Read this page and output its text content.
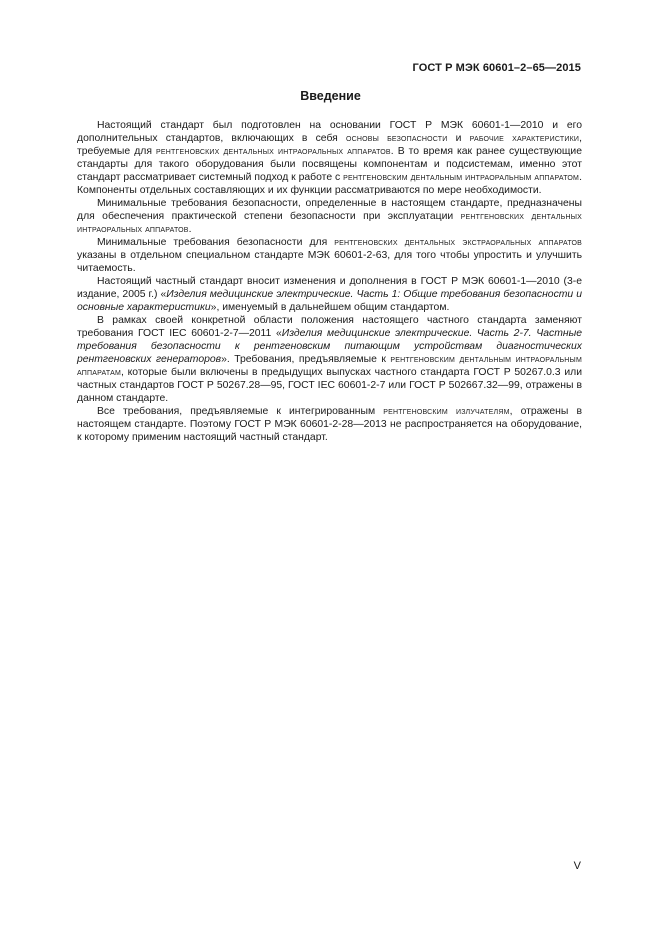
ГОСТ Р МЭК 60601–2–65—2015
Введение

Настоящий стандарт был подготовлен на основании ГОСТ Р МЭК 60601-1—2010 и его дополнительных стандартов, включающих в себя основы безопасности и рабочие характеристики, требуемые для рентгеновских дентальных интраоральных аппаратов. В то время как ранее существующие стандарты для такого оборудования были посвящены компонентам и подсистемам, именно этот стандарт рассматривает системный подход к работе с рентгеновским дентальным интраоральным аппаратом. Компоненты отдельных составляющих и их функции рассматриваются по мере необходимости.

Минимальные требования безопасности, определенные в настоящем стандарте, предназначены для обеспечения практической степени безопасности при эксплуатации рентгеновских дентальных интраоральных аппаратов.

Минимальные требования безопасности для рентгеновских дентальных экстраоральных аппаратов указаны в отдельном специальном стандарте МЭК 60601-2-63, для того чтобы упростить и улучшить читаемость.

Настоящий частный стандарт вносит изменения и дополнения в ГОСТ Р МЭК 60601-1—2010 (3-е издание, 2005 г.) «Изделия медицинские электрические. Часть 1: Общие требования безопасности и основные характеристики», именуемый в дальнейшем общим стандартом.

В рамках своей конкретной области положения настоящего частного стандарта заменяют требования ГОСТ IEC 60601-2-7—2011 «Изделия медицинские электрические. Часть 2-7. Частные требования безопасности к рентгеновским питающим устройствам диагностических рентгеновских генераторов». Требования, предъявляемые к рентгеновским дентальным интраоральным аппаратам, которые были включены в предыдущих выпусках частного стандарта ГОСТ Р 50267.0.3 или частных стандартов ГОСТ Р 50267.28—95, ГОСТ IEC 60601-2-7 или ГОСТ Р 502667.32—99, отражены в данном стандарте.

Все требования, предъявляемые к интегрированным рентгеновским излучателям, отражены в настоящем стандарте. Поэтому ГОСТ Р МЭК 60601-2-28—2013 не распространяется на оборудование, к которому применим настоящий частный стандарт.

V
